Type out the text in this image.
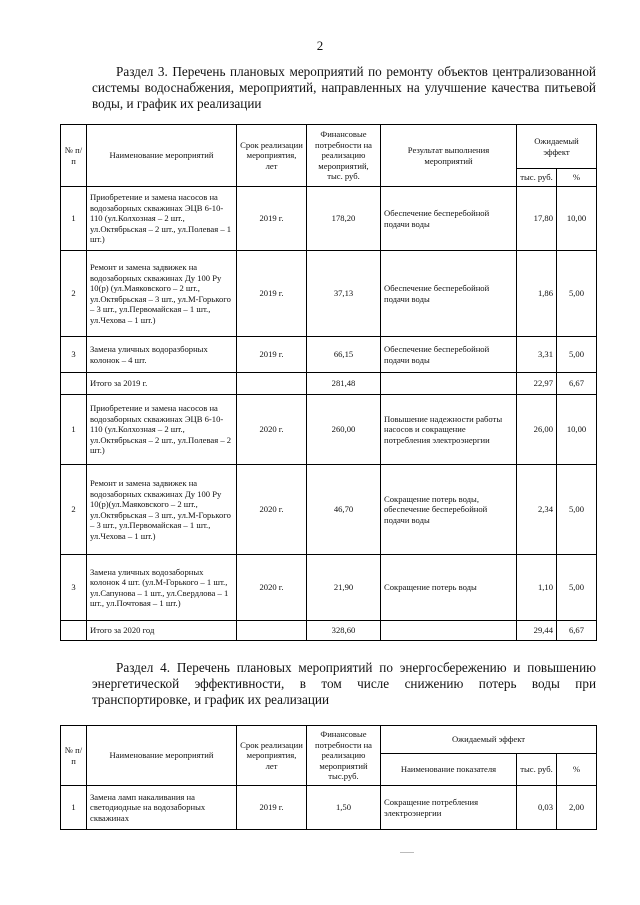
2
Раздел 3. Перечень плановых мероприятий по ремонту объектов централизованной системы водоснабжения, мероприятий, направленных на улучшение качества питьевой воды, и график их реализации
№ п/п	Наименование мероприятий	Срок реализации мероприятия, лет	Финансовые потребности на реализацию мероприятий, тыс. руб.	Результат выполнения мероприятий	Ожидаемый эффект	
					тыс. руб.	%
1	Приобретение и замена насосов на водозаборных скважинах ЭЦВ 6-10-110 (ул.Колхозная – 2 шт., ул.Октябрьская – 2 шт., ул.Полевая – 1 шт.)	2019 г.	178,20	Обеспечение бесперебойной подачи воды	17,80	10,00
2	Ремонт и замена задвижек на водозаборных скважинах Ду 100 Ру 10(р) (ул.Маяковского – 2 шт., ул.Октябрьская – 3 шт., ул.М-Горького – 3 шт., ул.Первомайская – 1 шт., ул.Чехова – 1 шт.)	2019 г.	37,13	Обеспечение бесперебойной подачи воды	1,86	5,00
3	Замена уличных водоразборных колонок – 4 шт.	2019 г.	66,15	Обеспечение бесперебойной подачи воды	3,31	5,00
	Итого за 2019 г.		281,48		22,97	6,67
1	Приобретение и замена насосов на водозаборных скважинах ЭЦВ 6-10-110 (ул.Колхозная – 2 шт., ул.Октябрьская – 2 шт., ул.Полевая – 2 шт.)	2020 г.	260,00	Повышение надежности работы насосов и сокращение потребления электроэнергии	26,00	10,00
2	Ремонт и замена задвижек на водозаборных скважинах Ду 100 Ру 10(р)(ул.Маяковского – 2 шт., ул.Октябрьская – 3 шт., ул.М-Горького – 3 шт., ул.Первомайская – 1 шт., ул.Чехова – 1 шт.)	2020 г.	46,70	Сокращение потерь воды, обеспечение бесперебойной подачи воды	2,34	5,00
3	Замена уличных водозаборных колонок 4 шт. (ул.М-Горького – 1 шт., ул.Сапунова – 1 шт., ул.Свердлова – 1 шт., ул.Почтовая – 1 шт.)	2020 г.	21,90	Сокращение потерь воды	1,10	5,00
	Итого за 2020 год		328,60		29,44	6,67
Раздел 4. Перечень плановых мероприятий по энергосбережению и повышению энергетической эффективности, в том числе снижению потерь воды при транспортировке, и график их реализации
№ п/п	Наименование мероприятий	Срок реализации мероприятия, лет	Финансовые потребности на реализацию мероприятий тыс.руб.	Ожидаемый эффект		
				Наименование показателя	тыс. руб.	%
1	Замена ламп накаливания на светодиодные на водозаборных скважинах	2019 г.	1,50	Сокращение потребления электроэнергии	0,03	2,00
